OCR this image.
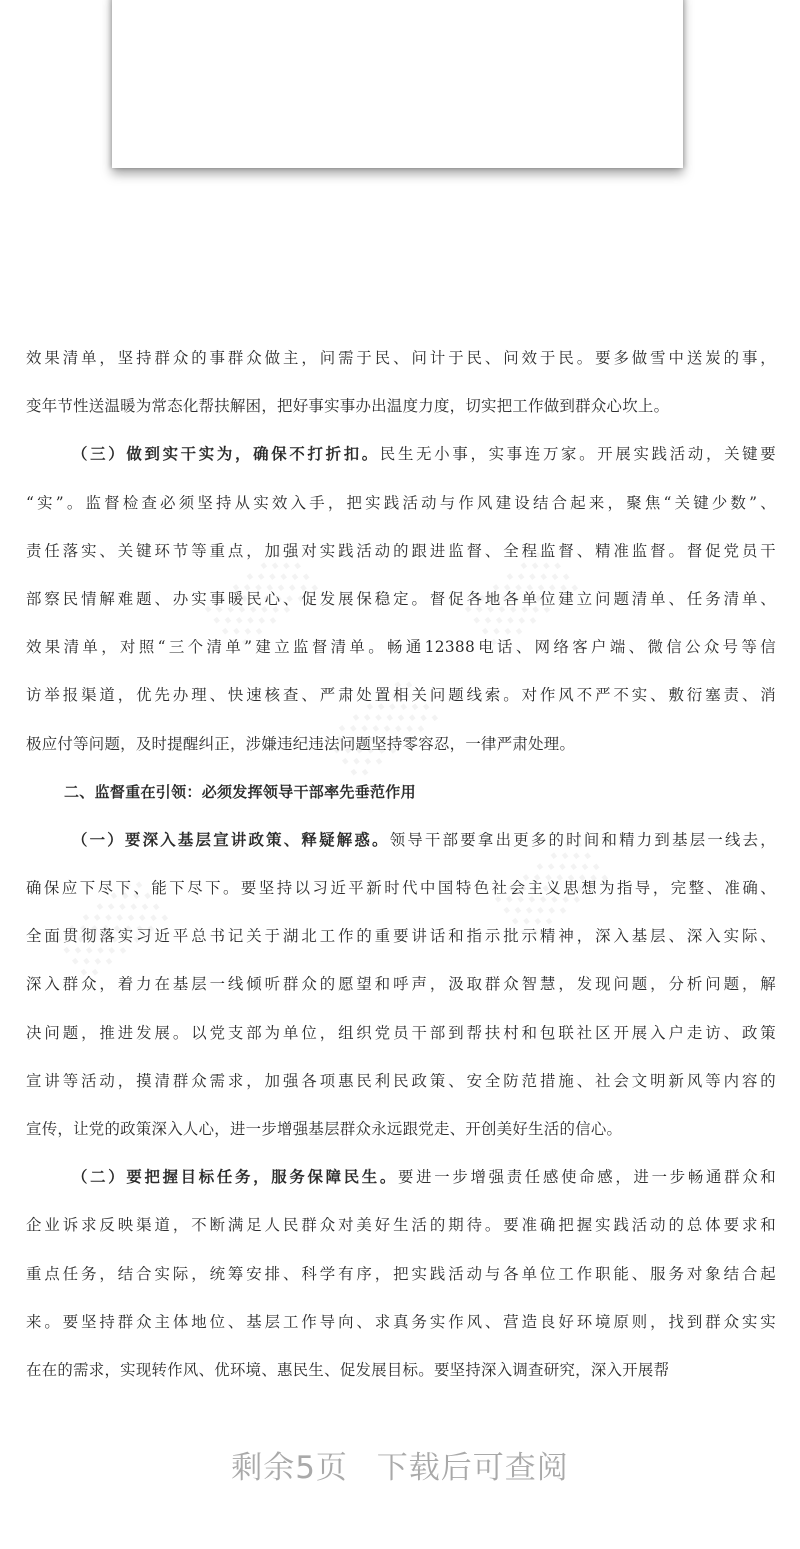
░░░	░░░
░░░
░░░
░░░
效果清单，坚持群众的事群众做主，问需于民、问计于民、问效于民。要多做雪中送炭的事，
变年节性送温暖为常态化帮扶解困，把好事实事办出温度力度，切实把工作做到群众心坎上。
（三）做到实干实为，确保不打折扣。民生无小事，实事连万家。开展实践活动，关键要
“实”。监督检查必须坚持从实效入手，把实践活动与作风建设结合起来，聚焦“关键少数”、
责任落实、关键环节等重点，加强对实践活动的跟进监督、全程监督、精准监督。督促党员干
部察民情解难题、办实事暖民心、促发展保稳定。督促各地各单位建立问题清单、任务清单、
效果清单，对照“三个清单”建立监督清单。畅通12388电话、网络客户端、微信公众号等信
访举报渠道，优先办理、快速核查、严肃处置相关问题线索。对作风不严不实、敷衍塞责、消
极应付等问题，及时提醒纠正，涉嫌违纪违法问题坚持零容忍，一律严肃处理。
二、监督重在引领：必须发挥领导干部率先垂范作用
（一）要深入基层宣讲政策、释疑解惑。领导干部要拿出更多的时间和精力到基层一线去，
确保应下尽下、能下尽下。要坚持以习近平新时代中国特色社会主义思想为指导，完整、准确、
全面贯彻落实习近平总书记关于湖北工作的重要讲话和指示批示精神，深入基层、深入实际、
深入群众，着力在基层一线倾听群众的愿望和呼声，汲取群众智慧，发现问题，分析问题，解
决问题，推进发展。以党支部为单位，组织党员干部到帮扶村和包联社区开展入户走访、政策
宣讲等活动，摸清群众需求，加强各项惠民利民政策、安全防范措施、社会文明新风等内容的
宣传，让党的政策深入人心，进一步增强基层群众永远跟党走、开创美好生活的信心。
（二）要把握目标任务，服务保障民生。要进一步增强责任感使命感，进一步畅通群众和
企业诉求反映渠道，不断满足人民群众对美好生活的期待。要准确把握实践活动的总体要求和
重点任务，结合实际，统筹安排、科学有序，把实践活动与各单位工作职能、服务对象结合起
来。要坚持群众主体地位、基层工作导向、求真务实作风、营造良好环境原则，找到群众实实
在在的需求，实现转作风、优环境、惠民生、促发展目标。要坚持深入调查研究，深入开展帮
剩余5页 下载后可查阅
